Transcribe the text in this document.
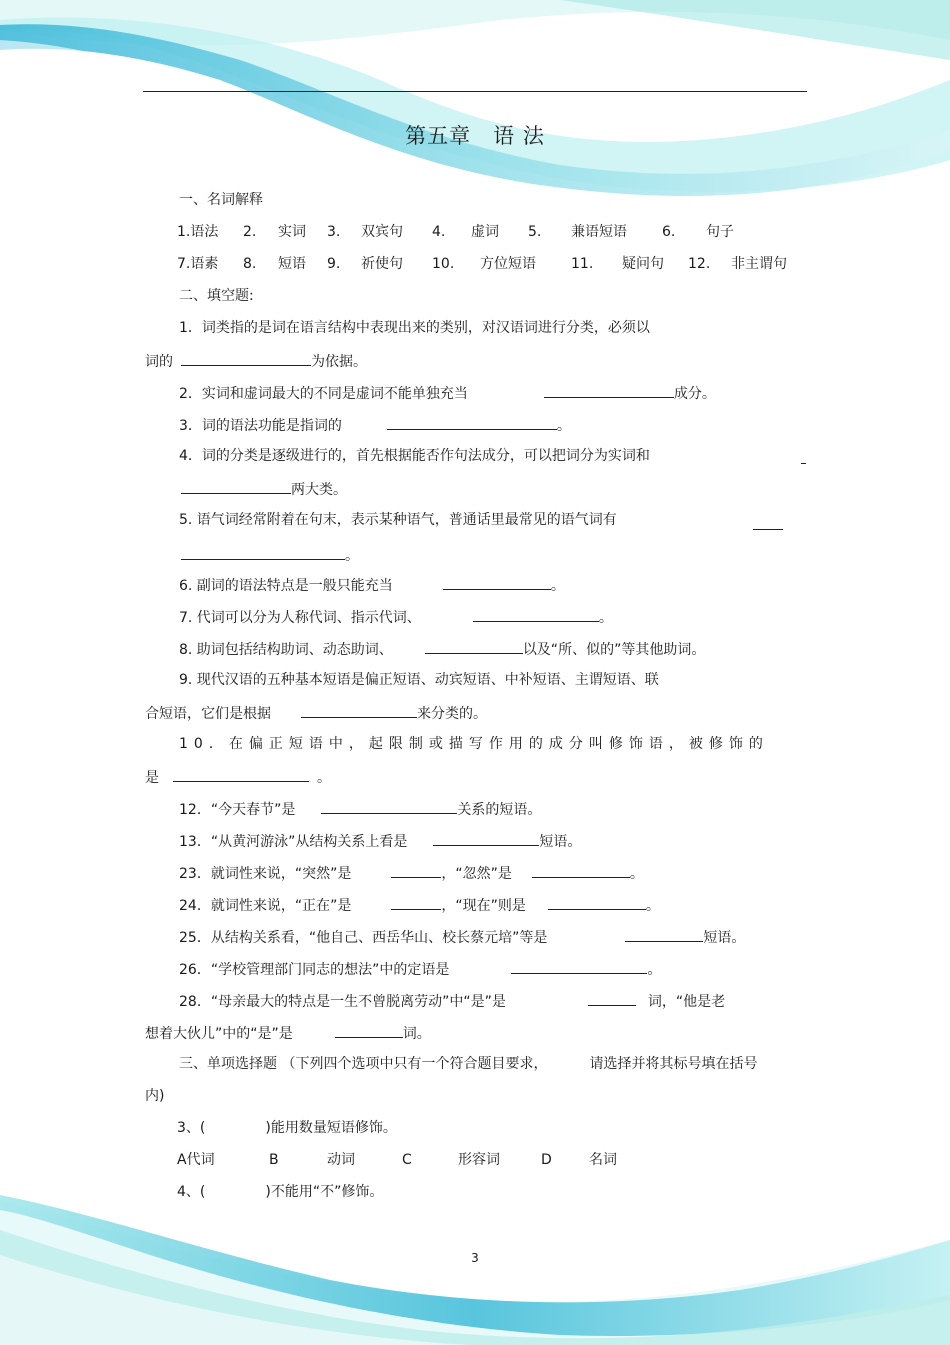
第五章 语 法
一、名词解释
1.语法 2. 实词 3. 双宾句 4. 虚词 5. 兼语短语	6. 句子
7.语素 8. 短语 9. 祈使句 10. 方位短语	11. 疑问句 12. 非主谓句
二、填空题:
1．词类指的是词在语言结构中表现出来的类别，对汉语词进行分类，必须以
词的	为依据。
2．实词和虚词最大的不同是虚词不能单独充当	成分。
3．词的语法功能是指词的	。
4．词的分类是逐级进行的，首先根据能否作句法成分，可以把词分为实词和
两大类。
5. 语气词经常附着在句末，表示某种语气，普通话里最常见的语气词有
。
6. 副词的语法特点是一般只能充当	。
7. 代词可以分为人称代词、指示代词、	。
8. 助词包括结构助词、动态助词、	以及“所、似的”等其他助词。
9. 现代汉语的五种基本短语是偏正短语、动宾短语、中补短语、主谓短语、联
合短语，它们是根据	来分类的。
10．在偏正短语中，起限制或描写作用的成分叫修饰语，被修饰的
是	。
12．“今天春节”是	关系的短语。
13．“从黄河游泳”从结构关系上看是	短语。
23．就词性来说，“突然”是	，“忽然”是	。
24．就词性来说，“正在”是	，“现在”则是	。
25．从结构关系看，“他自己、西岳华山、校长蔡元培”等是	短语。
26．“学校管理部门同志的想法”中的定语是	。
28．“母亲最大的特点是一生不曾脱离劳动”中“是”是	词，“他是老
想着大伙儿”中的“是”是	词。
三、单项选择题 （下列四个选项中只有一个符合题目要求，	请选择并将其标号填在括号
内)
3、(	)能用数量短语修饰。
A代词	B	动词	C	形容词	D	名词
4、(	)不能用“不”修饰。
3
